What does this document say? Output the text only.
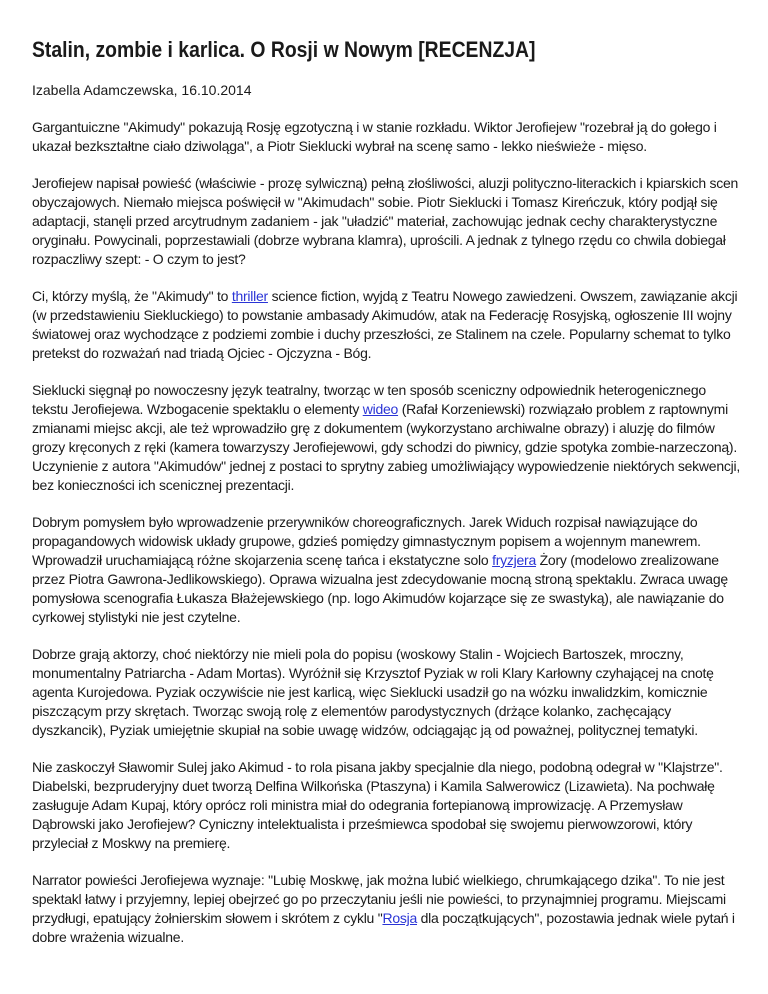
Stalin, zombie i karlica. O Rosji w Nowym [RECENZJA]
Izabella Adamczewska, 16.10.2014

Gargantuiczne "Akimudy" pokazują Rosję egzotyczną i w stanie rozkładu. Wiktor Jerofiejew "rozebrał ją do gołego i ukazał bezkształtne ciało dziwoląga", a Piotr Sieklucki wybrał na scenę samo - lekko nieświeże - mięso.

Jerofiejew napisał powieść (właściwie - prozę sylwiczną) pełną złośliwości, aluzji polityczno-literackich i kpiarskich scen obyczajowych. Niemało miejsca poświęcił w "Akimudach" sobie. Piotr Sieklucki i Tomasz Kireńczuk, który podjął się adaptacji, stanęli przed arcytrudnym zadaniem - jak "uładzić" materiał, zachowując jednak cechy charakterystyczne oryginału. Powycinali, poprzestawiali (dobrze wybrana klamra), uprościli. A jednak z tylnego rzędu co chwila dobiegał rozpaczliwy szept: - O czym to jest?

Ci, którzy myślą, że "Akimudy" to thriller science fiction, wyjdą z Teatru Nowego zawiedzeni. Owszem, zawiązanie akcji (w przedstawieniu Siekluckiego) to powstanie ambasady Akimudów, atak na Federację Rosyjską, ogłoszenie III wojny światowej oraz wychodzące z podziemi zombie i duchy przeszłości, ze Stalinem na czele. Popularny schemat to tylko pretekst do rozważań nad triadą Ojciec - Ojczyzna - Bóg.

Sieklucki sięgnął po nowoczesny język teatralny, tworząc w ten sposób sceniczny odpowiednik heterogenicznego tekstu Jerofiejewa. Wzbogacenie spektaklu o elementy wideo (Rafał Korzeniewski) rozwiązało problem z raptownymi zmianami miejsc akcji, ale też wprowadziło grę z dokumentem (wykorzystano archiwalne obrazy) i aluzję do filmów grozy kręconych z ręki (kamera towarzyszy Jerofiejewowi, gdy schodzi do piwnicy, gdzie spotyka zombie-narzeczoną). Uczynienie z autora "Akimudów" jednej z postaci to sprytny zabieg umożliwiający wypowiedzenie niektórych sekwencji, bez konieczności ich scenicznej prezentacji.

Dobrym pomysłem było wprowadzenie przerywników choreograficznych. Jarek Widuch rozpisał nawiązujące do propagandowych widowisk układy grupowe, gdzieś pomiędzy gimnastycznym popisem a wojennym manewrem. Wprowadził uruchamiającą różne skojarzenia scenę tańca i ekstatyczne solo fryzjera Żory (modelowo zrealizowane przez Piotra Gawrona-Jedlikowskiego). Oprawa wizualna jest zdecydowanie mocną stroną spektaklu. Zwraca uwagę pomysłowa scenografia Łukasza Błażejewskiego (np. logo Akimudów kojarzące się ze swastyką), ale nawiązanie do cyrkowej stylistyki nie jest czytelne.

Dobrze grają aktorzy, choć niektórzy nie mieli pola do popisu (woskowy Stalin - Wojciech Bartoszek, mroczny, monumentalny Patriarcha - Adam Mortas). Wyróżnił się Krzysztof Pyziak w roli Klary Karłowny czyhającej na cnotę agenta Kurojedowa. Pyziak oczywiście nie jest karlicą, więc Sieklucki usadził go na wózku inwalidzkim, komicznie piszczącym przy skrętach. Tworząc swoją rolę z elementów parodystycznych (drżące kolanko, zachęcający dyszkancik), Pyziak umiejętnie skupiał na sobie uwagę widzów, odciągając ją od poważnej, politycznej tematyki.

Nie zaskoczył Sławomir Sulej jako Akimud - to rola pisana jakby specjalnie dla niego, podobną odegrał w "Klajstrze". Diabelski, bezpruderyjny duet tworzą Delfina Wilkońska (Ptaszyna) i Kamila Salwerowicz (Lizawieta). Na pochwałę zasługuje Adam Kupaj, który oprócz roli ministra miał do odegrania fortepianową improwizację. A Przemysław Dąbrowski jako Jerofiejew? Cyniczny intelektualista i prześmiewca spodobał się swojemu pierwowzorowi, który przyleciał z Moskwy na premierę.

Narrator powieści Jerofiejewa wyznaje: "Lubię Moskwę, jak można lubić wielkiego, chrumkającego dzika". To nie jest spektakl łatwy i przyjemny, lepiej obejrzeć go po przeczytaniu jeśli nie powieści, to przynajmniej programu. Miejscami przydługi, epatujący żołnierskim słowem i skrótem z cyklu "Rosja dla początkujących", pozostawia jednak wiele pytań i dobre wrażenia wizualne.
